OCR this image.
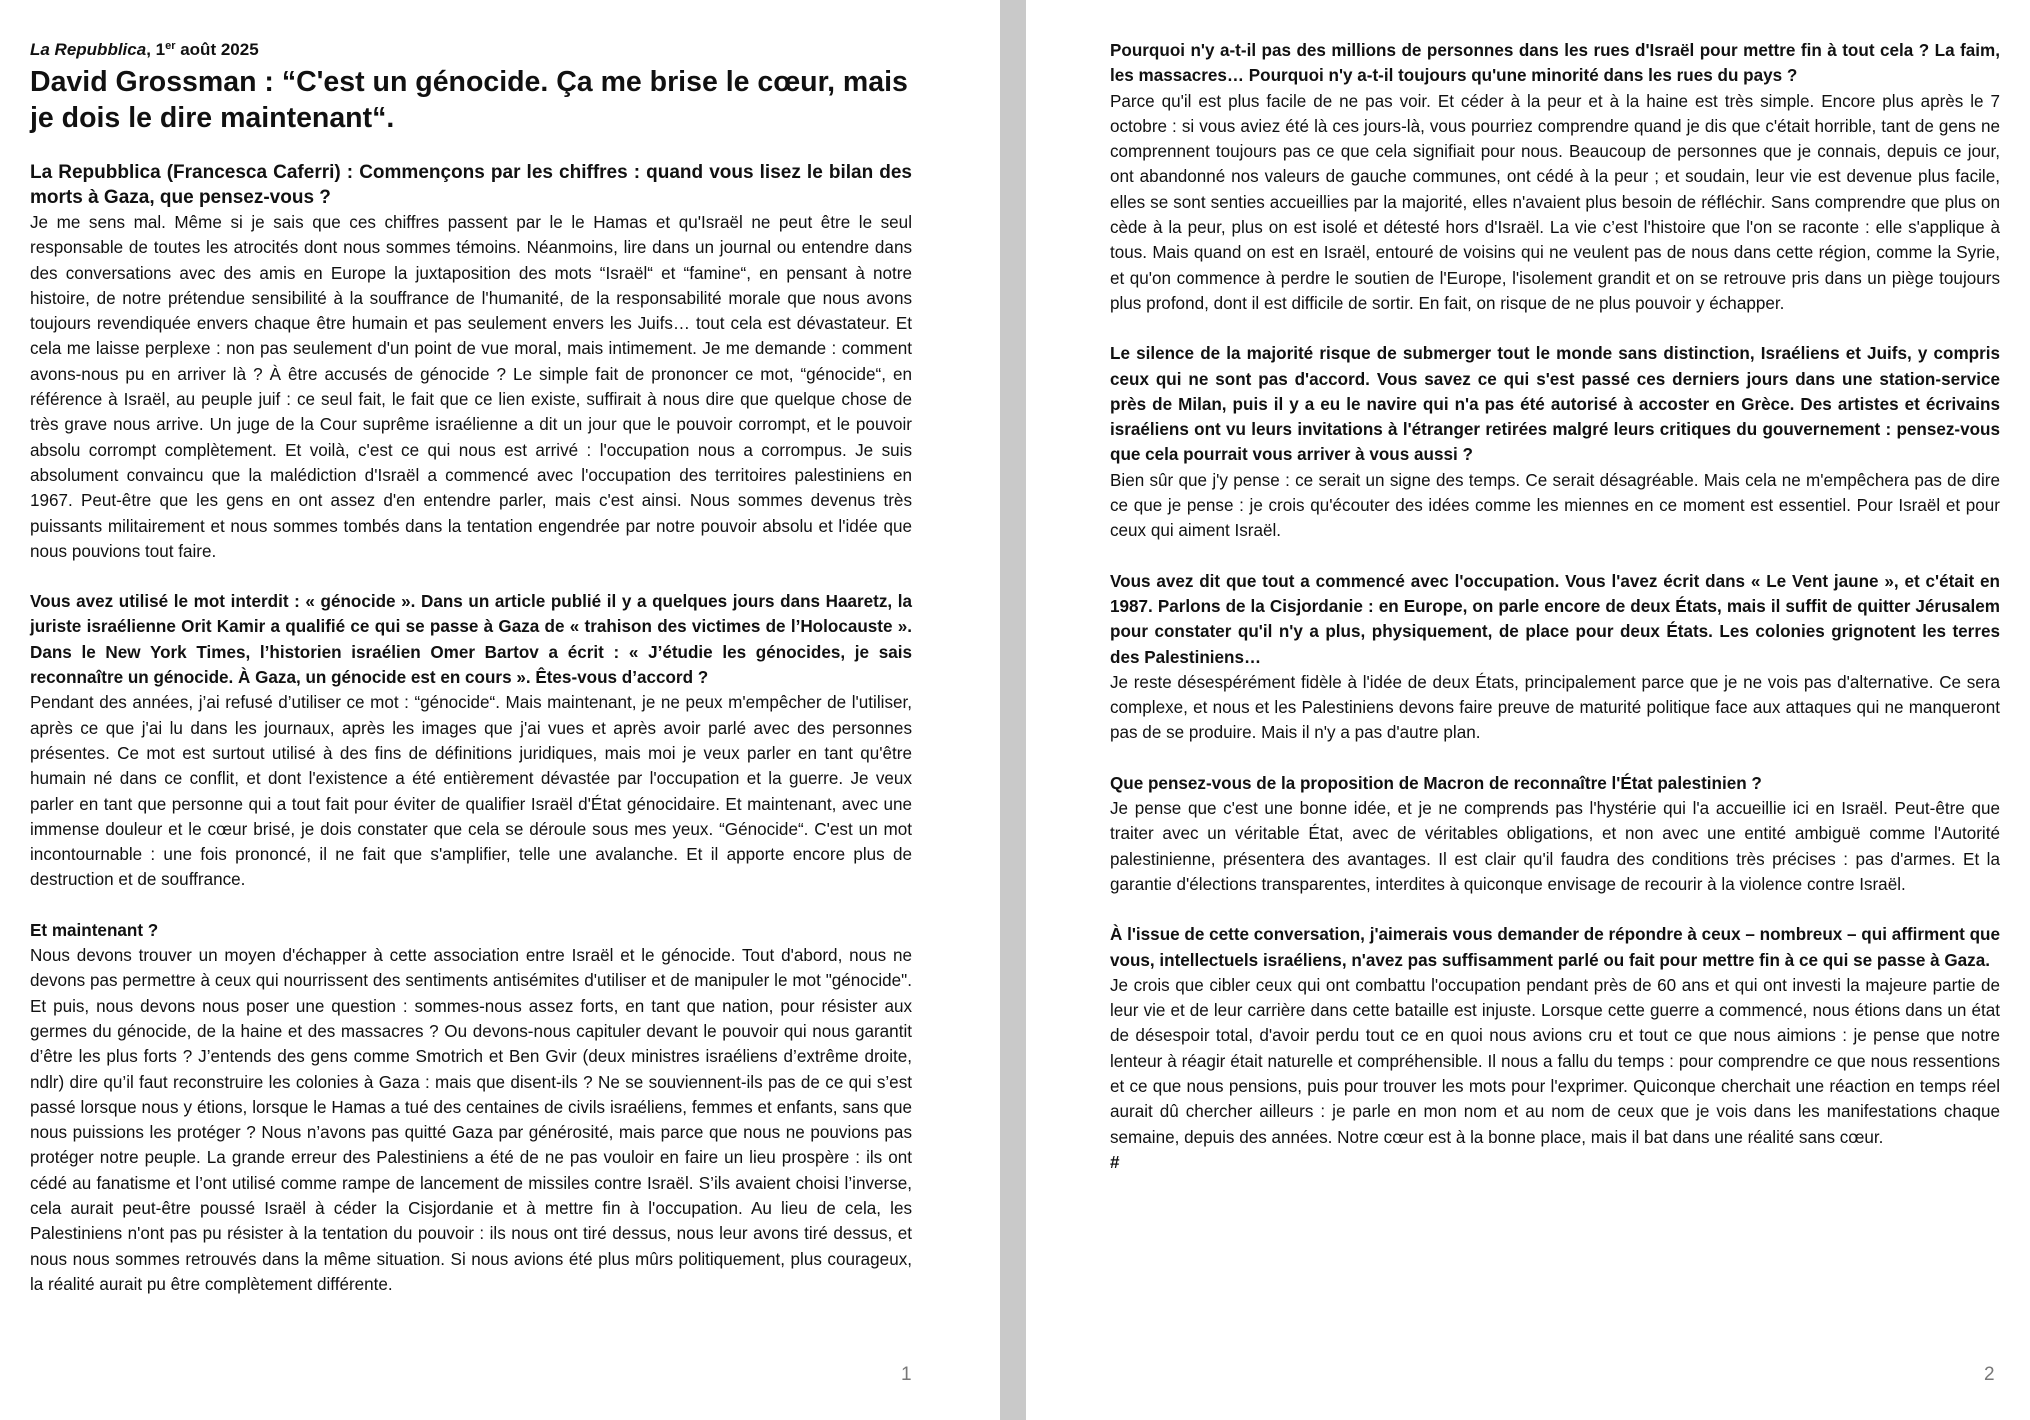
La Repubblica, 1er août 2025
David Grossman : “C'est un génocide. Ça me brise le cœur, mais je dois le dire maintenant“.

La Repubblica (Francesca Caferri) : Commençons par les chiffres : quand vous lisez le bilan des morts à Gaza, que pensez-vous ?

Je me sens mal. Même si je sais que ces chiffres passent par le le Hamas et qu'Israël ne peut être le seul responsable de toutes les atrocités dont nous sommes témoins. Néanmoins, lire dans un journal ou entendre dans des conversations avec des amis en Europe la juxtaposition des mots “Israël“ et “famine“, en pensant à notre histoire, de notre prétendue sensibilité à la souffrance de l'humanité, de la responsabilité morale que nous avons toujours revendiquée envers chaque être humain et pas seulement envers les Juifs… tout cela est dévastateur. Et cela me laisse perplexe : non pas seulement d'un point de vue moral, mais intimement. Je me demande : comment avons-nous pu en arriver là ? À être accusés de génocide ? Le simple fait de prononcer ce mot, “génocide“, en référence à Israël, au peuple juif : ce seul fait, le fait que ce lien existe, suffirait à nous dire que quelque chose de très grave nous arrive. Un juge de la Cour suprême israélienne a dit un jour que le pouvoir corrompt, et le pouvoir absolu corrompt complètement. Et voilà, c'est ce qui nous est arrivé : l'occupation nous a corrompus. Je suis absolument convaincu que la malédiction d'Israël a commencé avec l'occupation des territoires palestiniens en 1967. Peut-être que les gens en ont assez d'en entendre parler, mais c'est ainsi. Nous sommes devenus très puissants militairement et nous sommes tombés dans la tentation engendrée par notre pouvoir absolu et l'idée que nous pouvions tout faire.

Vous avez utilisé le mot interdit : « génocide ». Dans un article publié il y a quelques jours dans Haaretz, la juriste israélienne Orit Kamir a qualifié ce qui se passe à Gaza de « trahison des victimes de l’Holocauste ». Dans le New York Times, l’historien israélien Omer Bartov a écrit : « J’étudie les génocides, je sais reconnaître un génocide. À Gaza, un génocide est en cours ». Êtes-vous d’accord ?

Pendant des années, j’ai refusé d’utiliser ce mot : “génocide“. Mais maintenant, je ne peux m'empêcher de l'utiliser, après ce que j'ai lu dans les journaux, après les images que j'ai vues et après avoir parlé avec des personnes présentes. Ce mot est surtout utilisé à des fins de définitions juridiques, mais moi je veux parler en tant qu'être humain né dans ce conflit, et dont l'existence a été entièrement dévastée par l'occupation et la guerre. Je veux parler en tant que personne qui a tout fait pour éviter de qualifier Israël d'État génocidaire. Et maintenant, avec une immense douleur et le cœur brisé, je dois constater que cela se déroule sous mes yeux. “Génocide“. C'est un mot incontournable : une fois prononcé, il ne fait que s'amplifier, telle une avalanche. Et il apporte encore plus de destruction et de souffrance.

Et maintenant ?

Nous devons trouver un moyen d'échapper à cette association entre Israël et le génocide. Tout d'abord, nous ne devons pas permettre à ceux qui nourrissent des sentiments antisémites d'utiliser et de manipuler le mot "génocide". Et puis, nous devons nous poser une question : sommes-nous assez forts, en tant que nation, pour résister aux germes du génocide, de la haine et des massacres ? Ou devons-nous capituler devant le pouvoir qui nous garantit d’être les plus forts ? J’entends des gens comme Smotrich et Ben Gvir (deux ministres israéliens d’extrême droite, ndlr) dire qu’il faut reconstruire les colonies à Gaza : mais que disent-ils ? Ne se souviennent-ils pas de ce qui s’est passé lorsque nous y étions, lorsque le Hamas a tué des centaines de civils israéliens, femmes et enfants, sans que nous puissions les protéger ? Nous n’avons pas quitté Gaza par générosité, mais parce que nous ne pouvions pas protéger notre peuple. La grande erreur des Palestiniens a été de ne pas vouloir en faire un lieu prospère : ils ont cédé au fanatisme et l’ont utilisé comme rampe de lancement de missiles contre Israël. S’ils avaient choisi l’inverse, cela aurait peut-être poussé Israël à céder la Cisjordanie et à mettre fin à l'occupation. Au lieu de cela, les Palestiniens n'ont pas pu résister à la tentation du pouvoir : ils nous ont tiré dessus, nous leur avons tiré dessus, et nous nous sommes retrouvés dans la même situation. Si nous avions été plus mûrs politiquement, plus courageux, la réalité aurait pu être complètement différente.

1

Pourquoi n'y a-t-il pas des millions de personnes dans les rues d'Israël pour mettre fin à tout cela ? La faim, les massacres… Pourquoi n'y a-t-il toujours qu'une minorité dans les rues du pays ?

Parce qu'il est plus facile de ne pas voir. Et céder à la peur et à la haine est très simple. Encore plus après le 7 octobre : si vous aviez été là ces jours-là, vous pourriez comprendre quand je dis que c'était horrible, tant de gens ne comprennent toujours pas ce que cela signifiait pour nous. Beaucoup de personnes que je connais, depuis ce jour, ont abandonné nos valeurs de gauche communes, ont cédé à la peur ; et soudain, leur vie est devenue plus facile, elles se sont senties accueillies par la majorité, elles n'avaient plus besoin de réfléchir. Sans comprendre que plus on cède à la peur, plus on est isolé et détesté hors d'Israël. La vie c’est l'histoire que l'on se raconte : elle s'applique à tous. Mais quand on est en Israël, entouré de voisins qui ne veulent pas de nous dans cette région, comme la Syrie, et qu'on commence à perdre le soutien de l'Europe, l'isolement grandit et on se retrouve pris dans un piège toujours plus profond, dont il est difficile de sortir. En fait, on risque de ne plus pouvoir y échapper.

Le silence de la majorité risque de submerger tout le monde sans distinction, Israéliens et Juifs, y compris ceux qui ne sont pas d'accord. Vous savez ce qui s'est passé ces derniers jours dans une station-service près de Milan, puis il y a eu le navire qui n'a pas été autorisé à accoster en Grèce. Des artistes et écrivains israéliens ont vu leurs invitations à l'étranger retirées malgré leurs critiques du gouvernement : pensez-vous que cela pourrait vous arriver à vous aussi ?

Bien sûr que j'y pense : ce serait un signe des temps. Ce serait désagréable. Mais cela ne m'empêchera pas de dire ce que je pense : je crois qu'écouter des idées comme les miennes en ce moment est essentiel. Pour Israël et pour ceux qui aiment Israël.

Vous avez dit que tout a commencé avec l'occupation. Vous l'avez écrit dans « Le Vent jaune », et c'était en 1987. Parlons de la Cisjordanie : en Europe, on parle encore de deux États, mais il suffit de quitter Jérusalem pour constater qu'il n'y a plus, physiquement, de place pour deux États. Les colonies grignotent les terres des Palestiniens…

Je reste désespérément fidèle à l'idée de deux États, principalement parce que je ne vois pas d'alternative. Ce sera complexe, et nous et les Palestiniens devons faire preuve de maturité politique face aux attaques qui ne manqueront pas de se produire. Mais il n'y a pas d'autre plan.

Que pensez-vous de la proposition de Macron de reconnaître l'État palestinien ?

Je pense que c'est une bonne idée, et je ne comprends pas l'hystérie qui l'a accueillie ici en Israël. Peut-être que traiter avec un véritable État, avec de véritables obligations, et non avec une entité ambiguë comme l'Autorité palestinienne, présentera des avantages. Il est clair qu'il faudra des conditions très précises : pas d'armes. Et la garantie d'élections transparentes, interdites à quiconque envisage de recourir à la violence contre Israël.

À l'issue de cette conversation, j'aimerais vous demander de répondre à ceux – nombreux – qui affirment que vous, intellectuels israéliens, n'avez pas suffisamment parlé ou fait pour mettre fin à ce qui se passe à Gaza.

Je crois que cibler ceux qui ont combattu l'occupation pendant près de 60 ans et qui ont investi la majeure partie de leur vie et de leur carrière dans cette bataille est injuste. Lorsque cette guerre a commencé, nous étions dans un état de désespoir total, d'avoir perdu tout ce en quoi nous avions cru et tout ce que nous aimions : je pense que notre lenteur à réagir était naturelle et compréhensible. Il nous a fallu du temps : pour comprendre ce que nous ressentions et ce que nous pensions, puis pour trouver les mots pour l'exprimer. Quiconque cherchait une réaction en temps réel aurait dû chercher ailleurs : je parle en mon nom et au nom de ceux que je vois dans les manifestations chaque semaine, depuis des années. Notre cœur est à la bonne place, mais il bat dans une réalité sans cœur.

#

2
